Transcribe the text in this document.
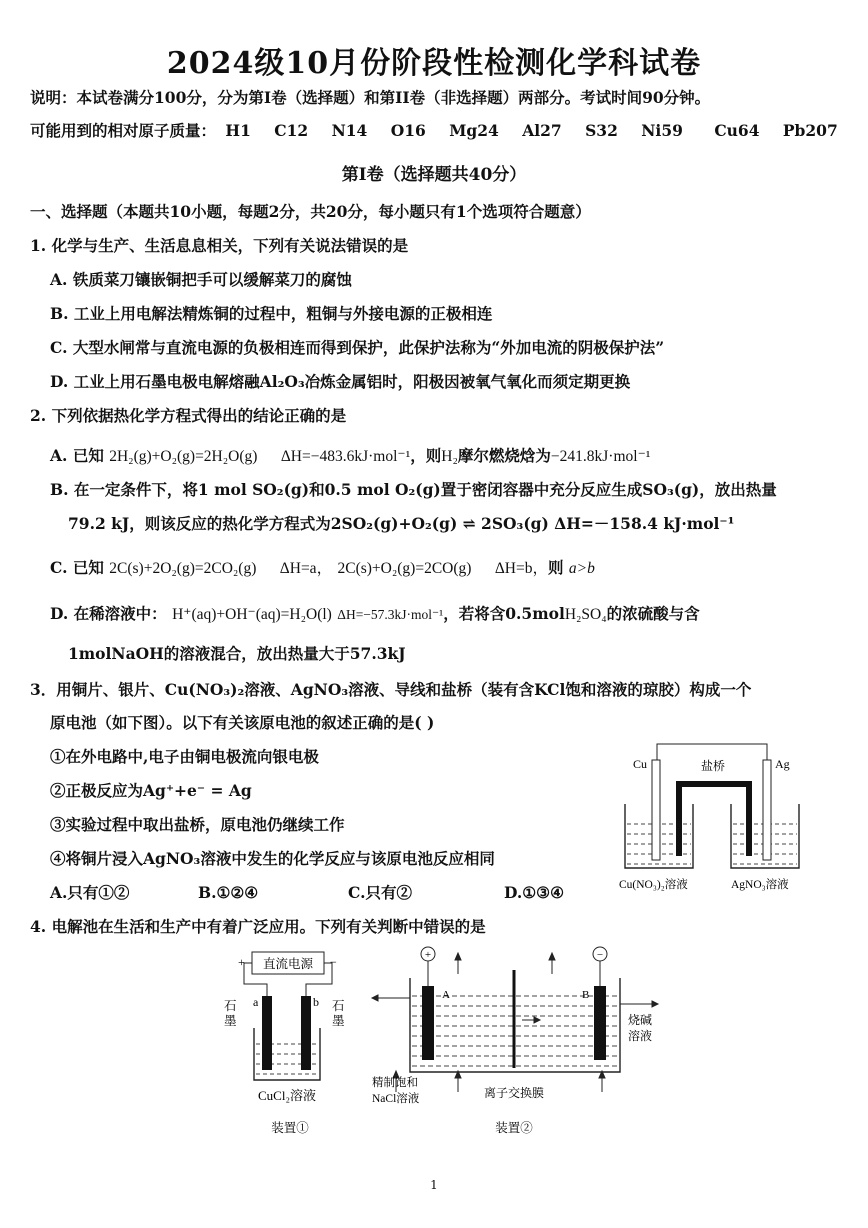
2024级10月份阶段性检测化学科试卷
说明：本试卷满分100分，分为第I卷（选择题）和第II卷（非选择题）两部分。考试时间90分钟。
可能用到的相对原子质量： H1 C12 N14 O16 Mg24 Al27 S32 Ni59 Cu64 Pb207
第I卷（选择题共40分）
一、选择题（本题共10小题，每题2分，共20分，每小题只有1个选项符合题意）
1. 化学与生产、生活息息相关，下列有关说法错误的是
A. 铁质菜刀镶嵌铜把手可以缓解菜刀的腐蚀
B. 工业上用电解法精炼铜的过程中，粗铜与外接电源的正极相连
C. 大型水闸常与直流电源的负极相连而得到保护，此保护法称为“外加电流的阴极保护法”
D. 工业上用石墨电极电解熔融Al₂O₃冶炼金属铝时，阳极因被氧气氧化而须定期更换
2. 下列依据热化学方程式得出的结论正确的是
A. 已知 2H₂(g)+O₂(g)=2H₂O(g) ΔH=−483.6kJ·mol⁻¹，则H₂摩尔燃烧焓为−241.8kJ·mol⁻¹
B. 在一定条件下，将1 mol SO₂(g)和0.5 mol O₂(g)置于密闭容器中充分反应生成SO₃(g)，放出热量
79.2 kJ，则该反应的热化学方程式为2SO₂(g)+O₂(g) ⇌ 2SO₃(g) ΔH=－158.4 kJ·mol⁻¹
C. 已知 2C(s)+2O₂(g)=2CO₂(g) ΔH=a， 2C(s)+O₂(g)=2CO(g) ΔH=b，则 a>b
D. 在稀溶液中： H⁺(aq)+OH⁻(aq)=H₂O(l) ΔH=−57.3kJ·mol⁻¹，若将含0.5molH₂SO₄的浓硫酸与含
1molNaOH的溶液混合，放出热量大于57.3kJ
3．用铜片、银片、Cu(NO₃)₂溶液、AgNO₃溶液、导线和盐桥（装有含KCl饱和溶液的琼胶）构成一个
原电池（如下图）。以下有关该原电池的叙述正确的是( )
①在外电路中,电子由铜电极流向银电极
②正极反应为Ag⁺+e⁻ = Ag
③实验过程中取出盐桥，原电池仍继续工作
④将铜片浸入AgNO₃溶液中发生的化学反应与该原电池反应相同
A.只有①②	B.①②④	C.只有②	D.①③④
Cu	Ag
盐桥
Cu(NO₃)₂溶液	AgNO₃溶液
4. 电解池在生活和生产中有着广泛应用。下列有关判断中错误的是
直流电源
+	−
a	b
石
墨
石
墨
CuCl₂溶液
装置①
+	−
A	B
精制饱和
NaCl溶液	离子交换膜
烧碱
溶液
装置②
1
